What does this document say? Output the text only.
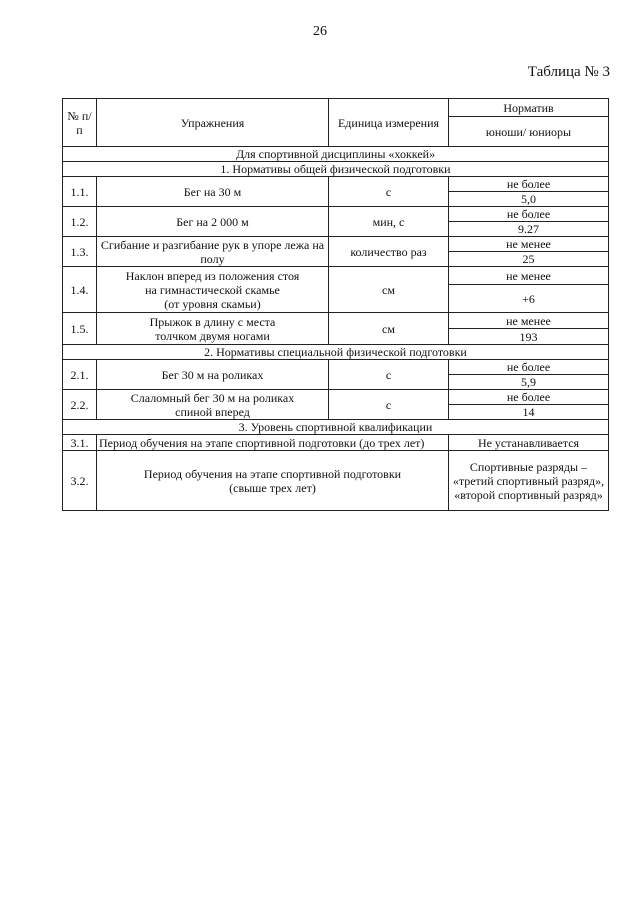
26
Таблица № 3
№ п/п	Упражнения	Единица измерения	Норматив
			юноши/ юниоры
Для спортивной дисциплины «хоккей»			
1. Нормативы общей физической подготовки			
1.1.	Бег на 30 м	с	не более
			5,0
1.2.	Бег на 2 000 м	мин, с	не более
			9.27
1.3.	Сгибание и разгибание рук в упоре лежа на полу	количество раз	не менее
			25
1.4.	Наклон вперед из положения стоя
на гимнастической скамье
(от уровня скамьи)	см	не менее
			+6
1.5.	Прыжок в длину с места
толчком двумя ногами	см	не менее
			193
2. Нормативы специальной физической подготовки			
2.1.	Бег 30 м на роликах	с	не более
			5,9
2.2.	Слаломный бег 30 м на роликах
спиной вперед	с	не более
			14
3. Уровень спортивной квалификации			
3.1.	Период обучения на этапе спортивной подготовки (до трех лет)		Не устанавливается
3.2.	Период обучения на этапе спортивной подготовки
(свыше трех лет)		Спортивные разряды – «третий спортивный разряд», «второй спортивный разряд»
